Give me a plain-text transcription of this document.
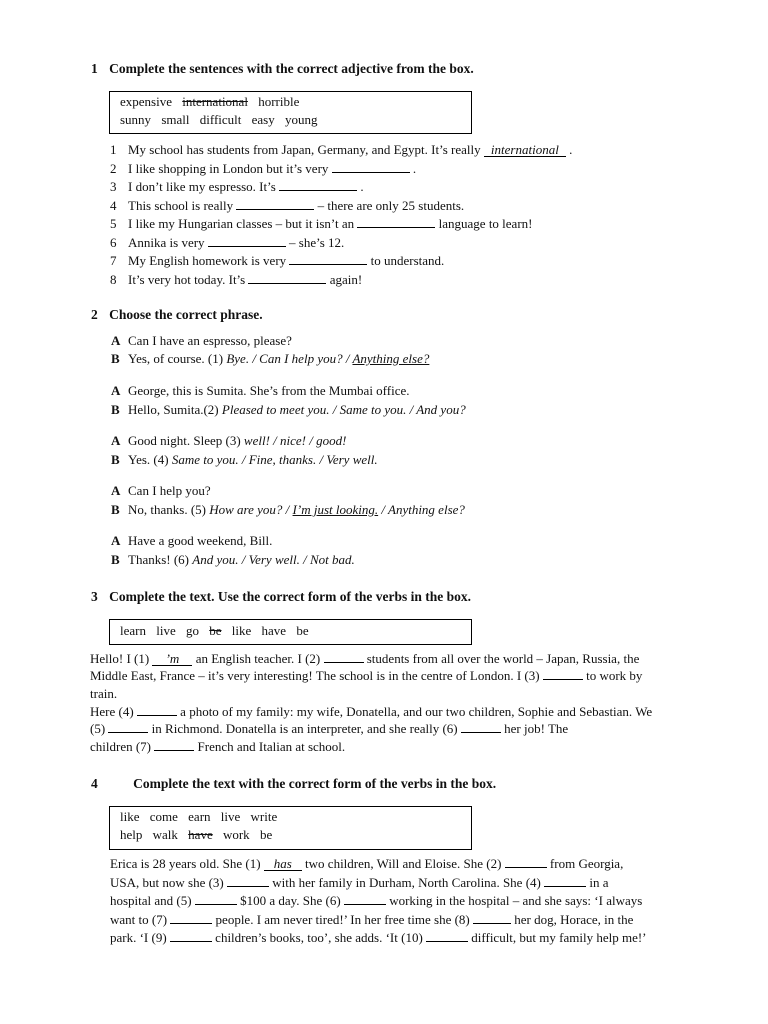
1 Complete the sentences with the correct adjective from the box.
expensive international horrible
sunny small difficult easy young
1 My school has students from Japan, Germany, and Egypt. It’s really international .
2 I like shopping in London but it’s very	.
3 I don’t like my espresso. It’s	.
4 This school is really	– there are only 25 students.
5 I like my Hungarian classes – but it isn’t an	language to learn!
6 Annika is very	– she’s 12.
7 My English homework is very	to understand.
8 It’s very hot today. It’s	again!
2 Choose the correct phrase.
A Can I have an espresso, please?
B Yes, of course. (1) Bye. / Can I help you? / Anything else?
A George, this is Sumita. She’s from the Mumbai office.
B Hello, Sumita.(2) Pleased to meet you. / Same to you. / And you?
A Good night. Sleep (3) well! / nice! / good!
B Yes. (4) Same to you. / Fine, thanks. / Very well.
A Can I help you?
B No, thanks. (5) How are you? / I’m just looking. / Anything else?
A Have a good weekend, Bill.
B Thanks! (6) And you. / Very well. / Not bad.
3 Complete the text. Use the correct form of the verbs in the box.
learn live go be like have be
Hello! I (1) ’m an English teacher. I (2)	students from all over the world – Japan, Russia, the
Middle East, France – it’s very interesting! The school is in the centre of London. I (3)	to work by
train.
Here (4)	a photo of my family: my wife, Donatella, and our two children, Sophie and Sebastian. We
(5)	in Richmond. Donatella is an interpreter, and she really (6)	her job! The
children (7)	French and Italian at school.
4	Complete the text with the correct form of the verbs in the box.
like come earn live write
help walk have work be
Erica is 28 years old. She (1) has two children, Will and Eloise. She (2)	from Georgia,
USA, but now she (3)	with her family in Durham, North Carolina. She (4)	in a
hospital and (5)	$100 a day. She (6)	working in the hospital – and she says: ‘I always
want to (7)	people. I am never tired!’ In her free time she (8)	her dog, Horace, in the
park. ‘I (9)	children’s books, too’, she adds. ‘It (10)	difficult, but my family help me!’
